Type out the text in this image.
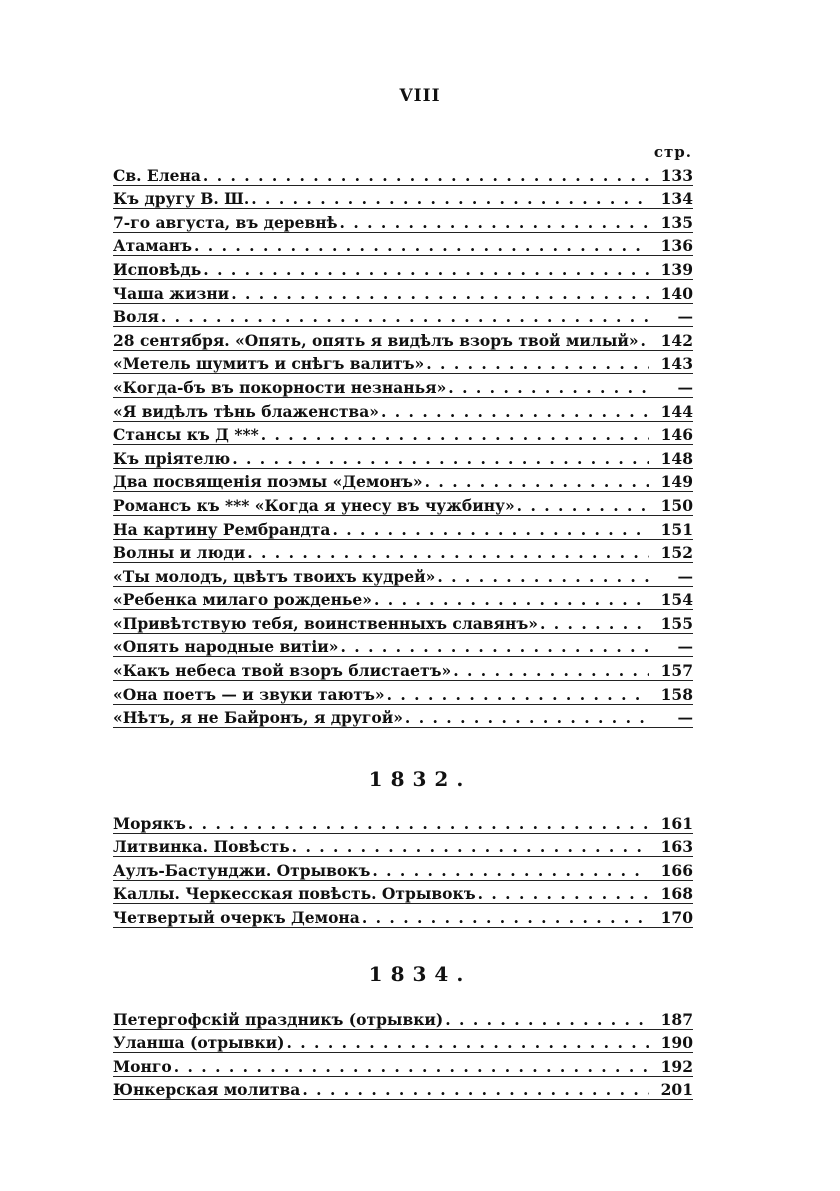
VIII
стр.
Св. Елена . . .	133
Къ другу В. Ш. . . .	134
7-го августа, въ деревнѣ . . .	135
Атаманъ . . .	136
Исповѣдь . . .	139
Чаша жизни . . .	140
Воля . . .	—
28 сентября. «Опять, опять я видѣлъ взоръ твой милый» . . .	142
«Метель шумитъ и снѣгъ валитъ» . . .	143
«Когда-бъ въ покорности незнанья» . . .	—
«Я видѣлъ тѣнь блаженства» . . .	144
Стансы къ Д *** . . .	146
Къ пріятелю . . .	148
Два посвященія поэмы «Демонъ» . . .	149
Романсъ къ *** «Когда я унесу въ чужбину» . . .	150
На картину Рембрандта . . .	151
Волны и люди . . .	152
«Ты молодъ, цвѣтъ твоихъ кудрей» . . .	—
«Ребенка милаго рожденье» . . .	154
«Привѣтствую тебя, воинственныхъ славянъ» . . .	155
«Опять народные витіи» . . .	—
«Какъ небеса твой взоръ блистаетъ» . . .	157
«Она поетъ — и звуки таютъ» . . .	158
«Нѣтъ, я не Байронъ, я другой» . . .	—
1832.
Морякъ . . .	161
Литвинка. Повѣсть . . .	163
Аулъ-Бастунджи. Отрывокъ . . .	166
Каллы. Черкесская повѣсть. Отрывокъ . . .	168
Четвертый очеркъ Демона . . .	170
1834.
Петергофскій праздникъ (отрывки) . . .	187
Уланша (отрывки) . . .	190
Монго . . .	192
Юнкерская молитва . . .	201
